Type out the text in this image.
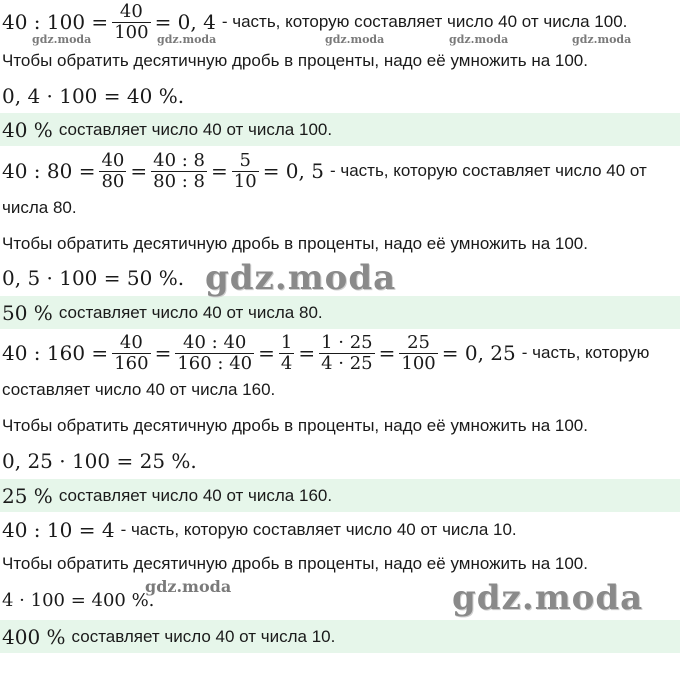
40 : $100 = \frac{40}{100} = 0$, 4 - часть, которую составляет число 40 от числа 100.
Чтобы обратить десятичную дробь в проценты, надо её умножить на 100.
0, 4 · 100 = 40 %.
40 % составляет число 40 от числа 100.
40 : $80 = \frac{40}{80} = \frac{40 : 8}{80 : 8} = \frac{5}{10} = 0$, 5 - часть, которую составляет число 40 от
числа 80.
Чтобы обратить десятичную дробь в проценты, надо её умножить на 100.
0, 5 · 100 = 50 %.
50 % составляет число 40 от числа 80.
40 : $160 = \frac{40}{160} = \frac{40 : 40}{160 : 40} = \frac{1}{4} = \frac{1 \cdot 25}{4 \cdot 25} = \frac{25}{100} = 0$, 25 - часть, которую
составляет число 40 от числа 160.
Чтобы обратить десятичную дробь в проценты, надо её умножить на 100.
0, 25 · 100 = 25 %.
25 % составляет число 40 от числа 160.
40 : 10 = 4 - часть, которую составляет число 40 от числа 10.
Чтобы обратить десятичную дробь в проценты, надо её умножить на 100.
4 · 100 = 400 %.
400 % составляет число 40 от числа 10.
gdz.moda	gdz.moda	gdz.moda	gdz.moda	gdz.moda
gdz.moda
gdz.moda	gdz.moda
